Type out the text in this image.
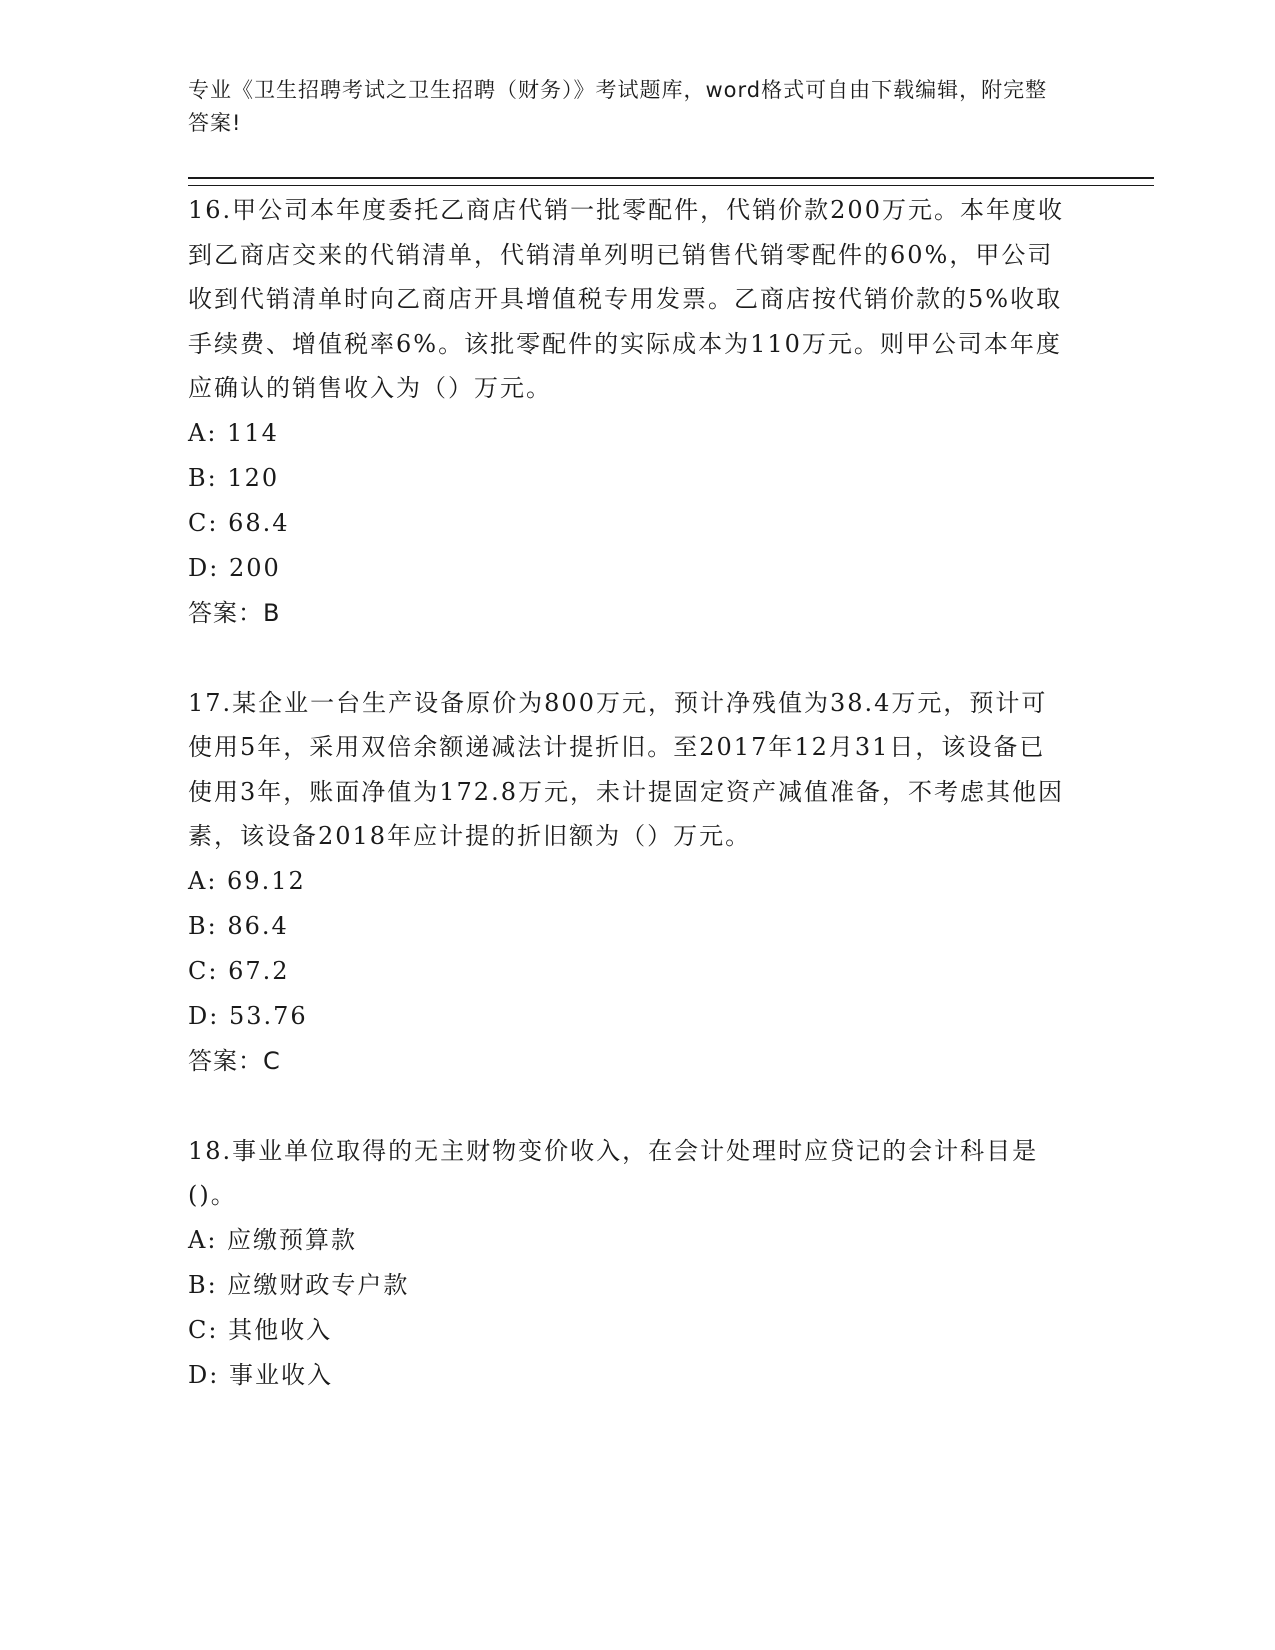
专业《卫生招聘考试之卫生招聘（财务）》考试题库，word格式可自由下载编辑，附完整答案!

16.甲公司本年度委托乙商店代销一批零配件，代销价款200万元。本年度收到乙商店交来的代销清单，代销清单列明已销售代销零配件的60%，甲公司收到代销清单时向乙商店开具增值税专用发票。乙商店按代销价款的5%收取手续费、增值税率6%。该批零配件的实际成本为110万元。则甲公司本年度应确认的销售收入为（）万元。

A: 114

B: 120

C: 68.4

D: 200

答案：B

17.某企业一台生产设备原价为800万元，预计净残值为38.4万元，预计可使用5年，采用双倍余额递减法计提折旧。至2017年12月31日，该设备已使用3年，账面净值为172.8万元，未计提固定资产减值准备，不考虑其他因素，该设备2018年应计提的折旧额为（）万元。

A: 69.12

B: 86.4

C: 67.2

D: 53.76

答案：C

18.事业单位取得的无主财物变价收入，在会计处理时应贷记的会计科目是()。

A: 应缴预算款

B: 应缴财政专户款

C: 其他收入

D: 事业收入
